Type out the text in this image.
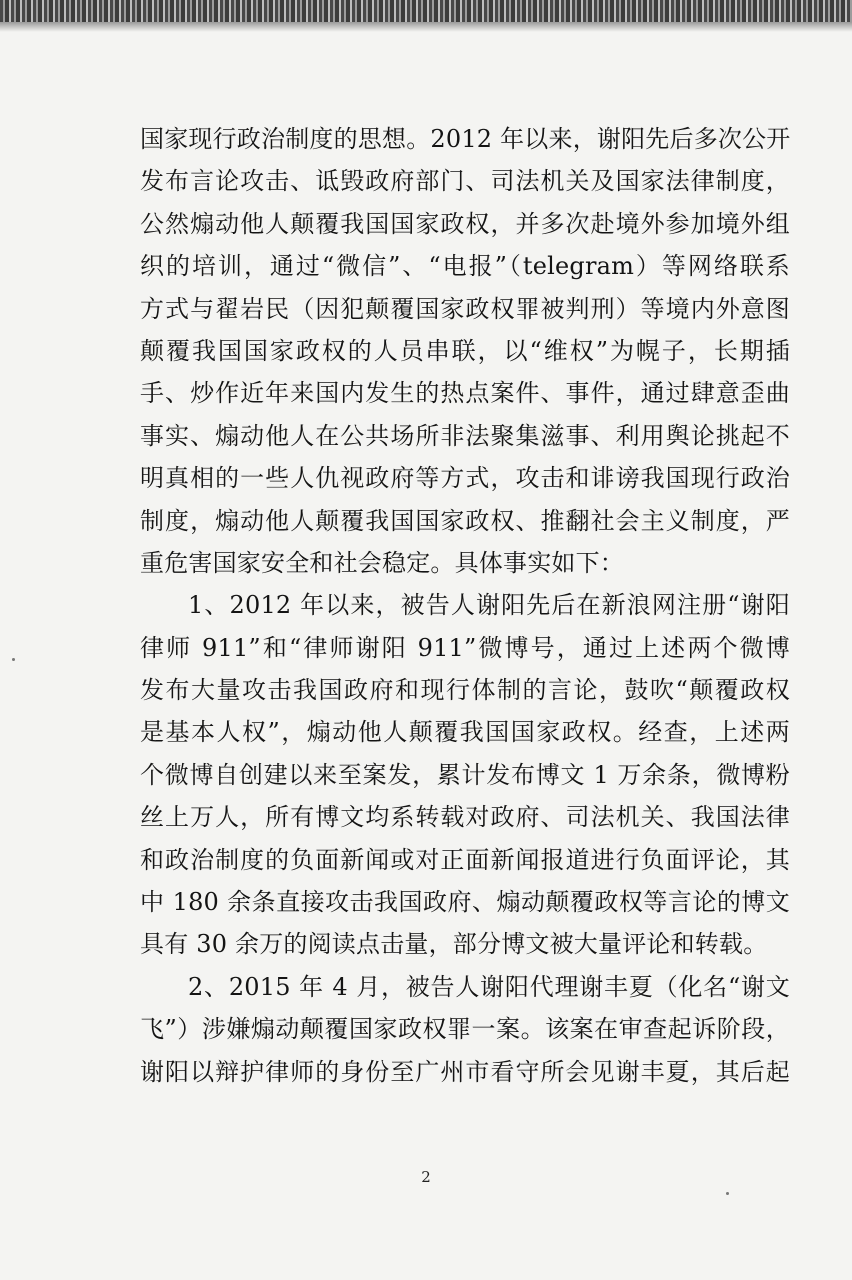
国家现行政治制度的思想。2012 年以来，谢阳先后多次公开
发布言论攻击、诋毁政府部门、司法机关及国家法律制度，
公然煽动他人颠覆我国国家政权，并多次赴境外参加境外组
织的培训，通过“微信”、“电报”（telegram）等网络联系
方式与翟岩民（因犯颠覆国家政权罪被判刑）等境内外意图
颠覆我国国家政权的人员串联，以“维权”为幌子，长期插
手、炒作近年来国内发生的热点案件、事件，通过肆意歪曲
事实、煽动他人在公共场所非法聚集滋事、利用舆论挑起不
明真相的一些人仇视政府等方式，攻击和诽谤我国现行政治
制度，煽动他人颠覆我国国家政权、推翻社会主义制度，严
重危害国家安全和社会稳定。具体事实如下：
1、2012 年以来，被告人谢阳先后在新浪网注册“谢阳
律师 911”和“律师谢阳 911”微博号，通过上述两个微博
发布大量攻击我国政府和现行体制的言论，鼓吹“颠覆政权
是基本人权”，煽动他人颠覆我国国家政权。经查，上述两
个微博自创建以来至案发，累计发布博文 1 万余条，微博粉
丝上万人，所有博文均系转载对政府、司法机关、我国法律
和政治制度的负面新闻或对正面新闻报道进行负面评论，其
中 180 余条直接攻击我国政府、煽动颠覆政权等言论的博文
具有 30 余万的阅读点击量，部分博文被大量评论和转载。
2、2015 年 4 月，被告人谢阳代理谢丰夏（化名“谢文
飞”）涉嫌煽动颠覆国家政权罪一案。该案在审查起诉阶段，
谢阳以辩护律师的身份至广州市看守所会见谢丰夏，其后起
2
